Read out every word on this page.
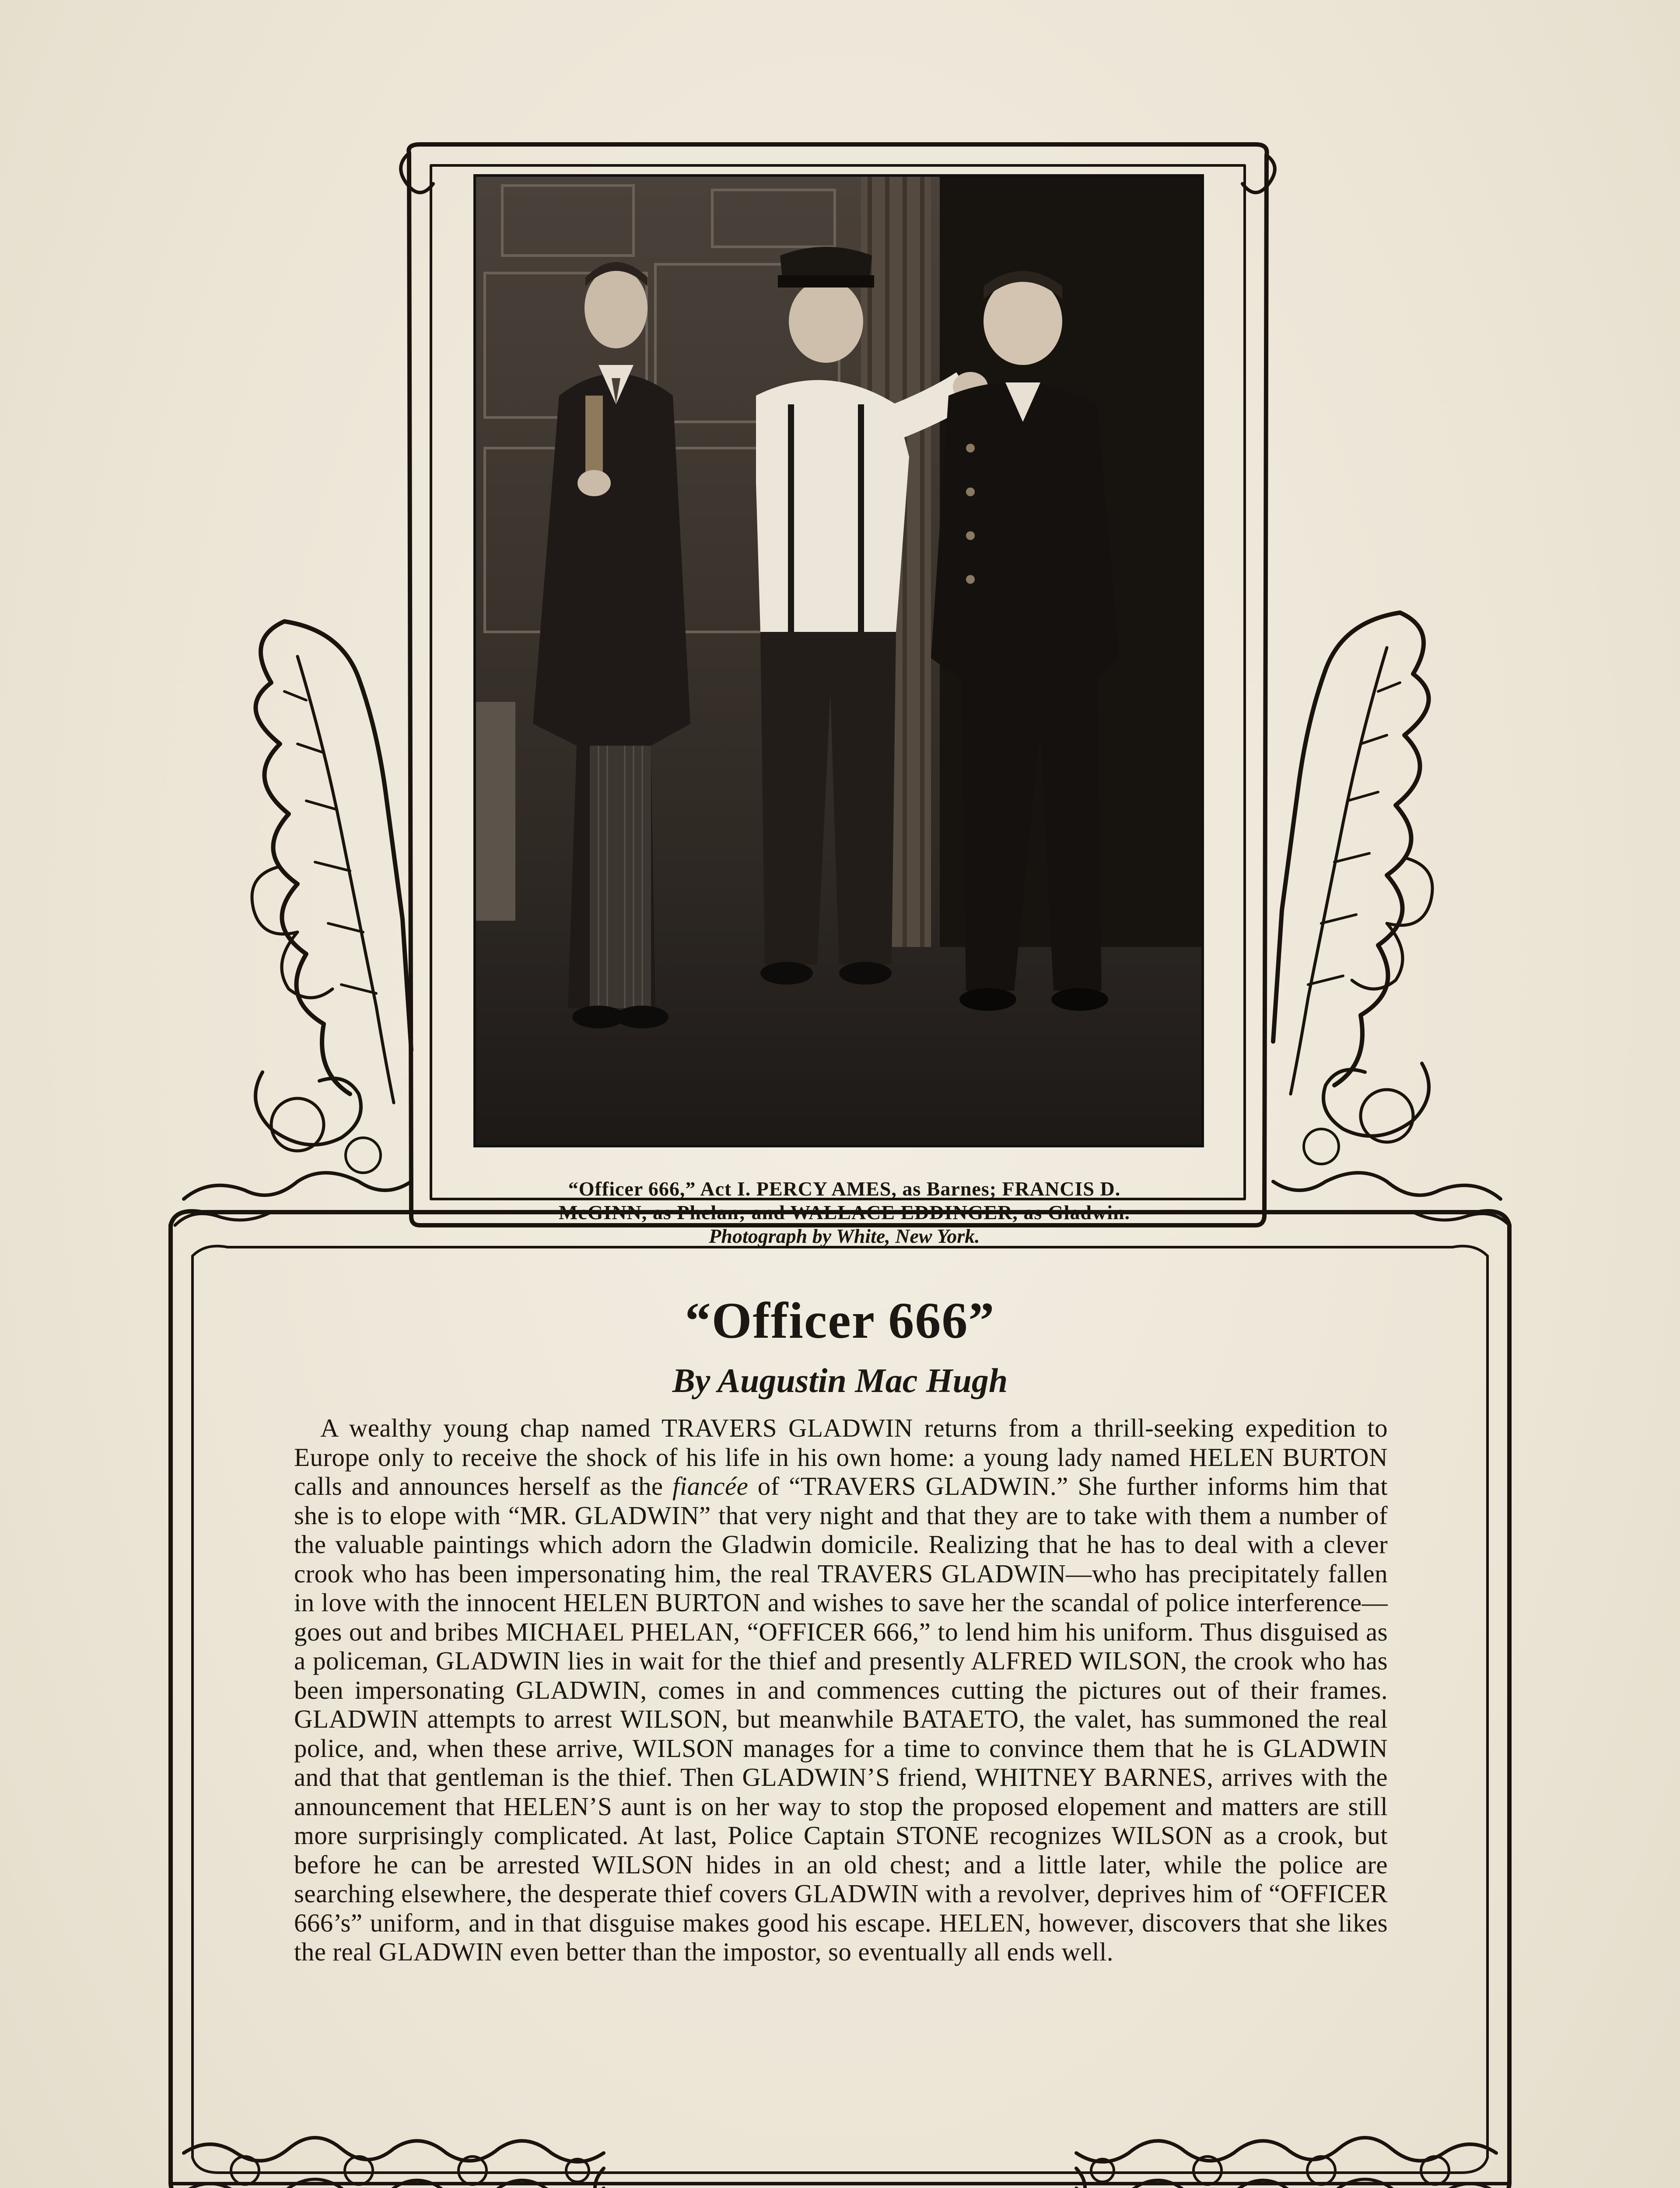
“Officer 666,” Act I. PERCY AMES, as Barnes; FRANCIS D. McGINN, as Phelan; and WALLACE EDDINGER, as Gladwin. Photograph by White, New York.
“Officer 666”
By Augustin Mac Hugh
A wealthy young chap named TRAVERS GLADWIN returns from a thrill-seeking expedition to Europe only to receive the shock of his life in his own home: a young lady named HELEN BURTON calls and announces herself as the fiancée of “TRAVERS GLADWIN.” She further informs him that she is to elope with “MR. GLADWIN” that very night and that they are to take with them a number of the valuable paintings which adorn the Gladwin domicile. Realizing that he has to deal with a clever crook who has been impersonating him, the real TRAVERS GLADWIN—who has precipitately fallen in love with the innocent HELEN BURTON and wishes to save her the scandal of police interference—goes out and bribes MICHAEL PHELAN, “OFFICER 666,” to lend him his uniform. Thus disguised as a policeman, GLADWIN lies in wait for the thief and presently ALFRED WILSON, the crook who has been impersonating GLADWIN, comes in and commences cutting the pictures out of their frames. GLADWIN attempts to arrest WILSON, but meanwhile BATAETO, the valet, has summoned the real police, and, when these arrive, WILSON manages for a time to convince them that he is GLADWIN and that that gentleman is the thief. Then GLADWIN’S friend, WHITNEY BARNES, arrives with the announcement that HELEN’S aunt is on her way to stop the proposed elopement and matters are still more surprisingly complicated. At last, Police Captain STONE recognizes WILSON as a crook, but before he can be arrested WILSON hides in an old chest; and a little later, while the police are searching elsewhere, the desperate thief covers GLADWIN with a revolver, deprives him of “OFFICER 666’s” uniform, and in that disguise makes good his escape. HELEN, however, discovers that she likes the real GLADWIN even better than the impostor, so eventually all ends well.
